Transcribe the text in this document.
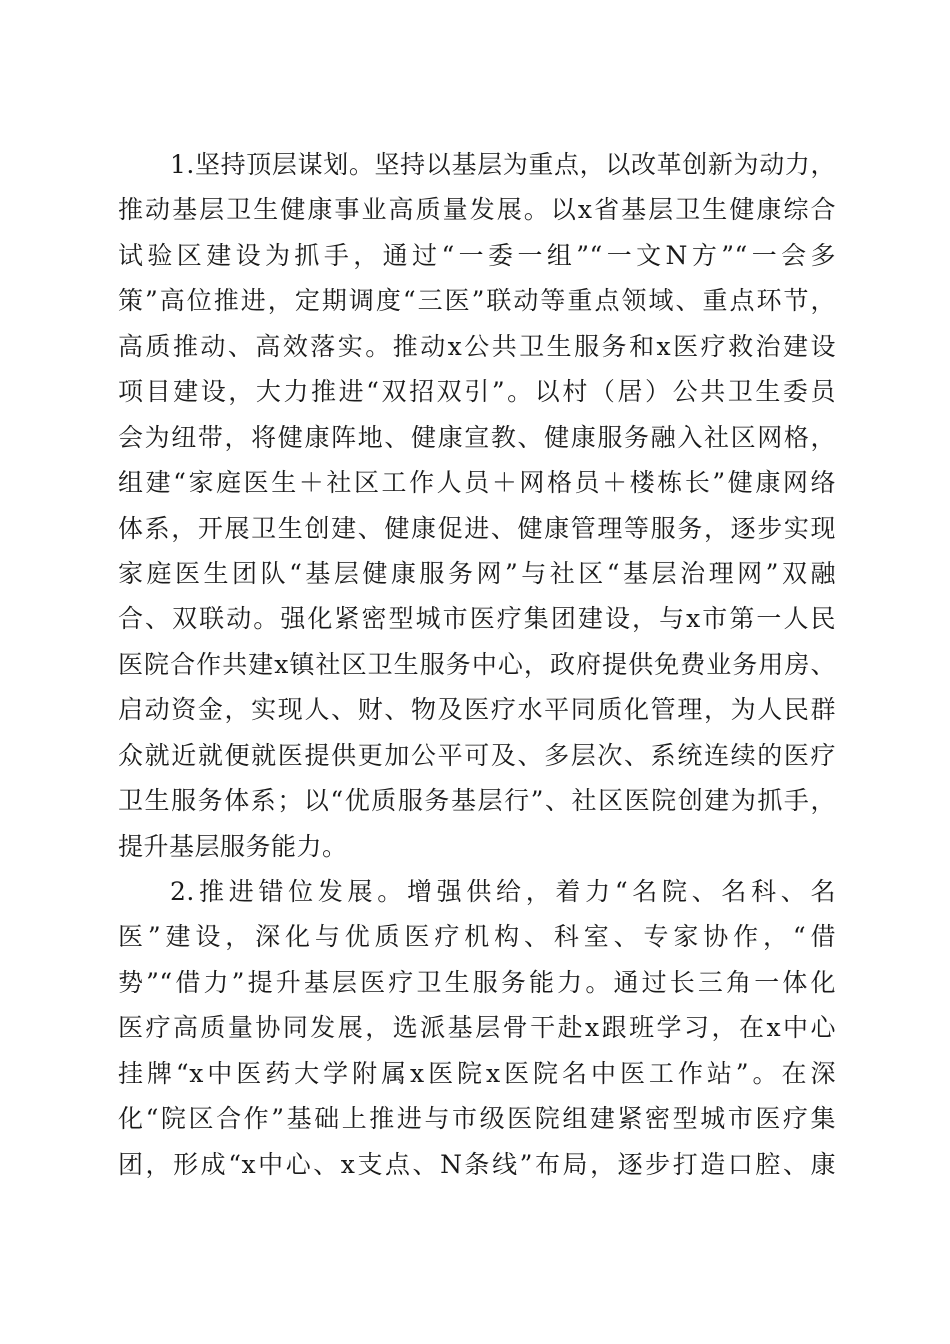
1.坚持顶层谋划。坚持以基层为重点，以改革创新为动力，
推动基层卫生健康事业高质量发展。以x省基层卫生健康综合
试验区建设为抓手，通过“一委一组”“一文N方”“一会多
策”高位推进，定期调度“三医”联动等重点领域、重点环节，
高质推动、高效落实。推动x公共卫生服务和x医疗救治建设
项目建设，大力推进“双招双引”。以村（居）公共卫生委员
会为纽带，将健康阵地、健康宣教、健康服务融入社区网格，
组建“家庭医生＋社区工作人员＋网格员＋楼栋长”健康网络
体系，开展卫生创建、健康促进、健康管理等服务，逐步实现
家庭医生团队“基层健康服务网”与社区“基层治理网”双融
合、双联动。强化紧密型城市医疗集团建设，与x市第一人民
医院合作共建x镇社区卫生服务中心，政府提供免费业务用房、
启动资金，实现人、财、物及医疗水平同质化管理，为人民群
众就近就便就医提供更加公平可及、多层次、系统连续的医疗
卫生服务体系；以“优质服务基层行”、社区医院创建为抓手，
提升基层服务能力。
2.推进错位发展。增强供给，着力“名院、名科、名
医”建设，深化与优质医疗机构、科室、专家协作，“借
势”“借力”提升基层医疗卫生服务能力。通过长三角一体化
医疗高质量协同发展，选派基层骨干赴x跟班学习，在x中心
挂牌“x中医药大学附属x医院x医院名中医工作站”。在深
化“院区合作”基础上推进与市级医院组建紧密型城市医疗集
团，形成“x中心、x支点、N条线”布局，逐步打造口腔、康
